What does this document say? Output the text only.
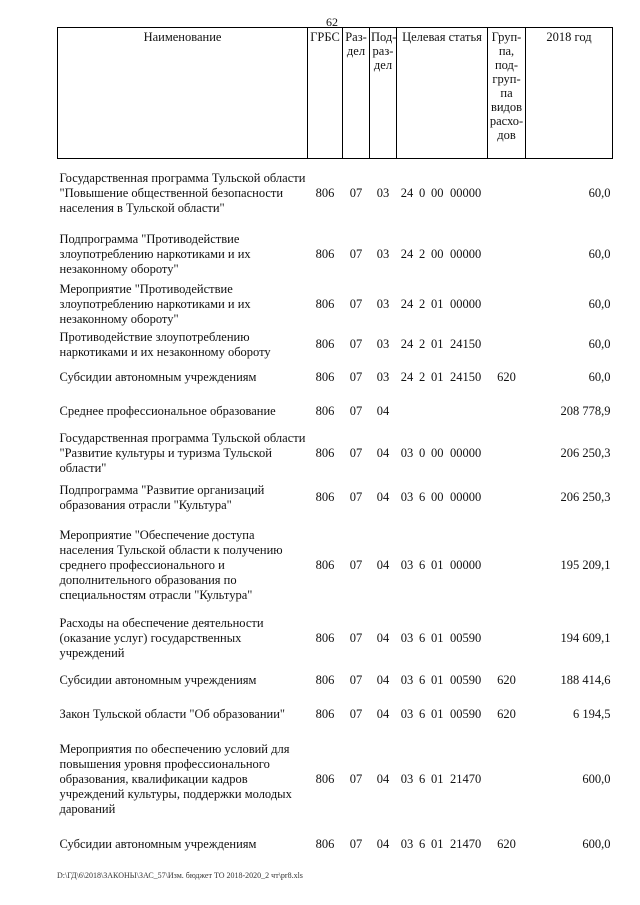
62
Наименование	ГРБС	Раз-дел	Под-раз-дел	Целевая статья	Груп-па, под-груп-па видов расхо-дов	2018 год
Государственная программа Тульской области "Повышение общественной безопасности населения в Тульской области"	806	07	03	24 0 00 00000		60,0
Подпрограмма "Противодействие злоупотреблению наркотиками и их незаконному обороту"	806	07	03	24 2 00 00000		60,0
Мероприятие "Противодействие злоупотреблению наркотиками и их незаконному обороту"	806	07	03	24 2 01 00000		60,0
Противодействие злоупотреблению наркотиками и их незаконному обороту	806	07	03	24 2 01 24150		60,0
Субсидии автономным учреждениям	806	07	03	24 2 01 24150	620	60,0
Среднее профессиональное образование	806	07	04			208 778,9
Государственная программа Тульской области "Развитие культуры и туризма Тульской области"	806	07	04	03 0 00 00000		206 250,3
Подпрограмма "Развитие организаций образования отрасли "Культура"	806	07	04	03 6 00 00000		206 250,3
Мероприятие "Обеспечение доступа населения Тульской области к получению среднего профессионального и дополнительного образования по специальностям отрасли "Культура"	806	07	04	03 6 01 00000		195 209,1
Расходы на обеспечение деятельности (оказание услуг) государственных учреждений	806	07	04	03 6 01 00590		194 609,1
Субсидии автономным учреждениям	806	07	04	03 6 01 00590	620	188 414,6
Закон Тульской области "Об образовании"	806	07	04	03 6 01 00590	620	6 194,5
Мероприятия по обеспечению условий для повышения уровня профессионального образования, квалификации кадров учреждений культуры, поддержки молодых дарований	806	07	04	03 6 01 21470		600,0
Субсидии автономным учреждениям	806	07	04	03 6 01 21470	620	600,0
D:\ГД\6\2018\ЗАКОНЫ\ЗАС_57\Изм. бюджет ТО 2018-2020_2 чт\pr8.xls
